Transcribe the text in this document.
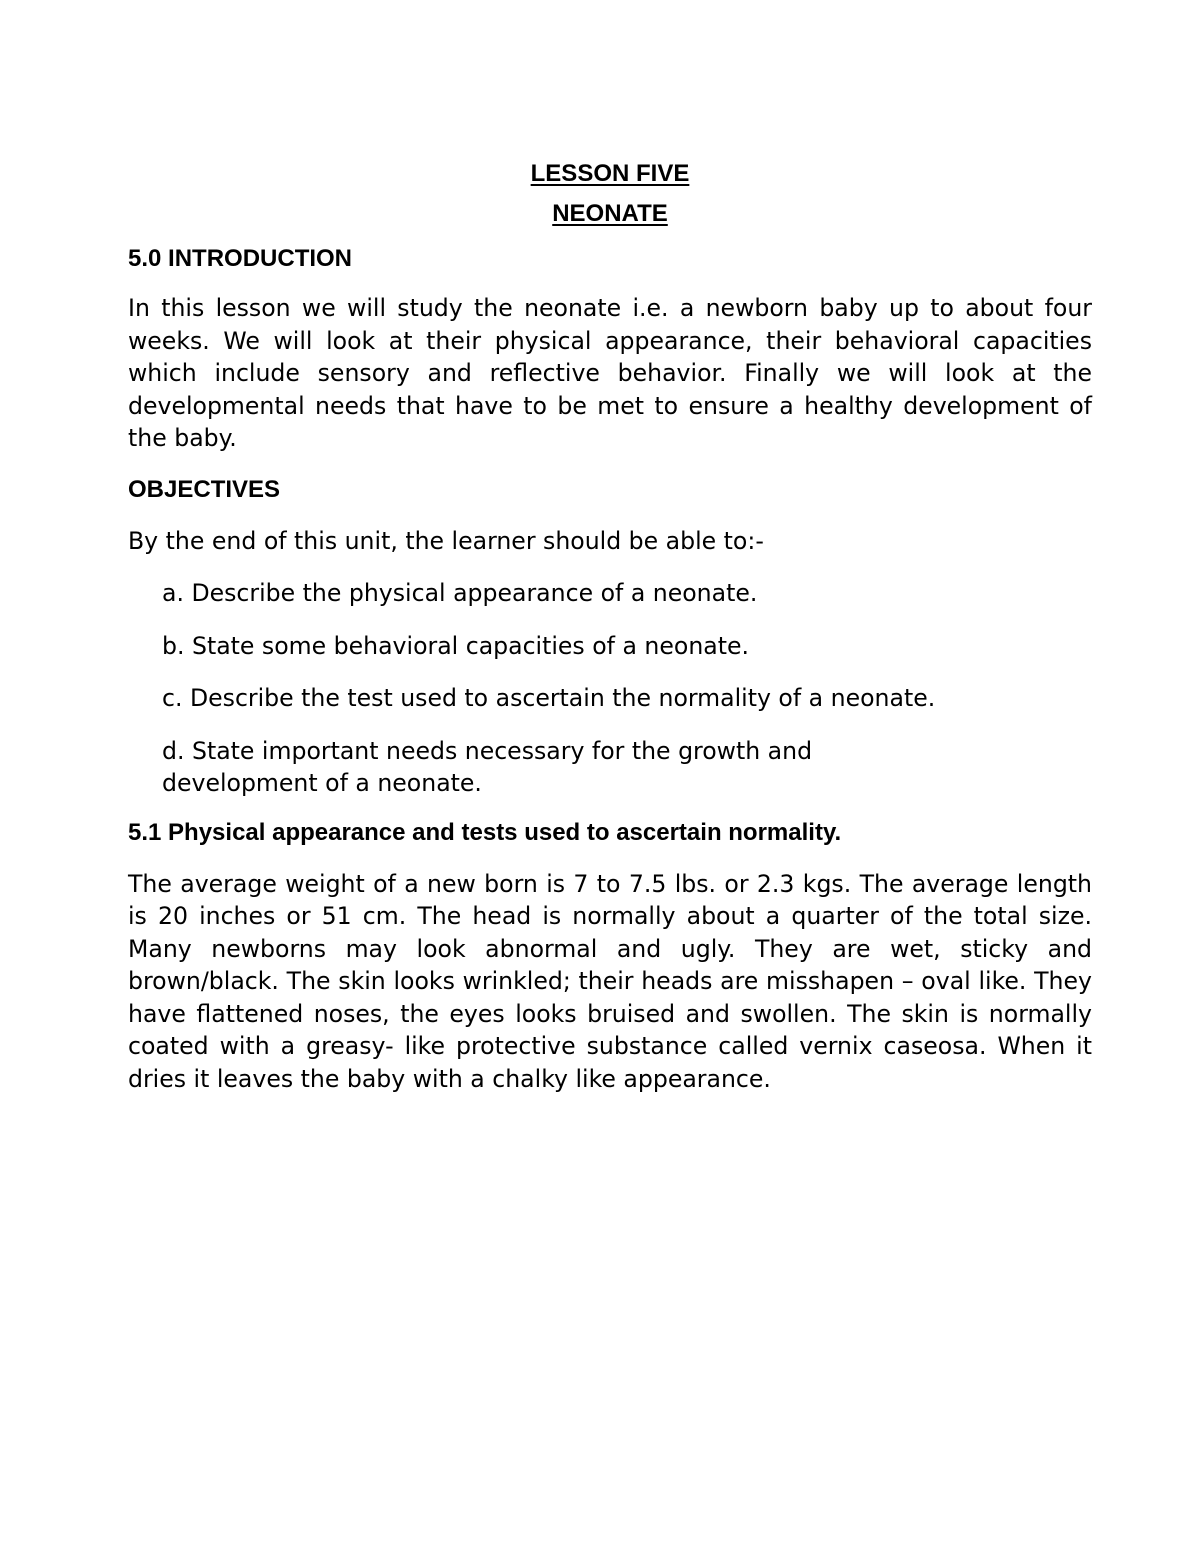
LESSON FIVE

NEONATE

5.0 INTRODUCTION

In this lesson we will study the neonate i.e. a newborn baby up to about four weeks. We will look at their physical appearance, their behavioral capacities which include sensory and reflective behavior. Finally we will look at the developmental needs that have to be met to ensure a healthy development of the baby.

OBJECTIVES

By the end of this unit, the learner should be able to:-

a. Describe the physical appearance of a neonate.
b. State some behavioral capacities of a neonate.
c. Describe the test used to ascertain the normality of a neonate.
d. State important needs necessary for the growth and development of a neonate.

5.1 Physical appearance and tests used to ascertain normality.

The average weight of a new born is 7 to 7.5 lbs. or 2.3 kgs. The average length is 20 inches or 51 cm. The head is normally about a quarter of the total size. Many newborns may look abnormal and ugly. They are wet, sticky and brown/black. The skin looks wrinkled; their heads are misshapen – oval like. They have flattened noses, the eyes looks bruised and swollen. The skin is normally coated with a greasy- like protective substance called vernix caseosa. When it dries it leaves the baby with a chalky like appearance.
